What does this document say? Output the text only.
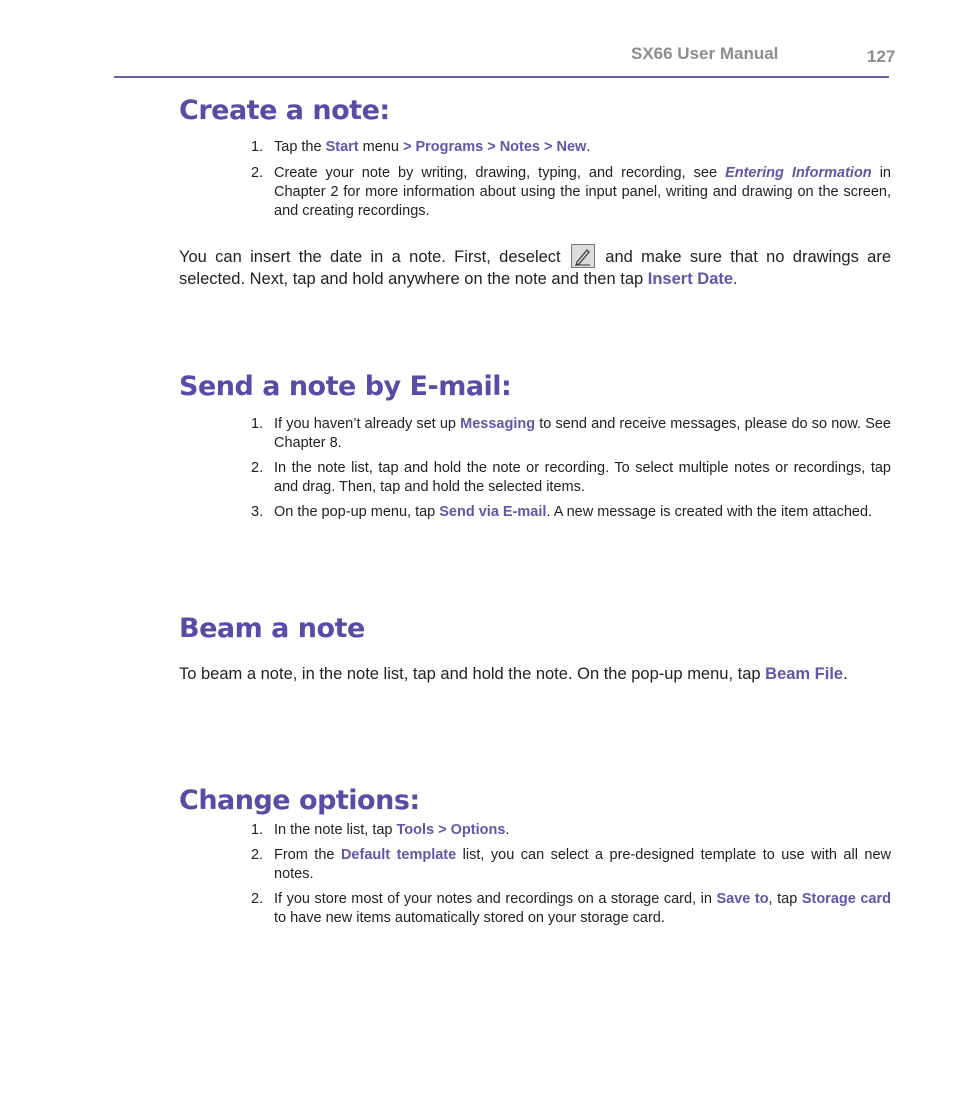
SX66 User Manual	127
Create a note:
1. Tap the Start menu > Programs > Notes > New.
2. Create your note by writing, drawing, typing, and recording, see Entering Information in Chapter 2 for more information about using the input panel, writing and drawing on the screen, and creating recordings.
You can insert the date in a note. First, deselect
and make sure that no drawings are selected. Next, tap and hold anywhere on the note and then tap Insert Date.
Send a note by E-mail:
1. If you haven’t already set up Messaging to send and receive messages, please do so now. See Chapter 8.
2. In the note list, tap and hold the note or recording. To select multiple notes or recordings, tap and drag. Then, tap and hold the selected items.
3. On the pop-up menu, tap Send via E-mail. A new message is created with the item attached.
Beam a note
To beam a note, in the note list, tap and hold the note. On the pop-up menu, tap Beam File.
Change options:
1. In the note list, tap Tools > Options.
2. From the Default template list, you can select a pre-designed template to use with all new notes.
2. If you store most of your notes and recordings on a storage card, in Save to, tap Storage card to have new items automatically stored on your storage card.
